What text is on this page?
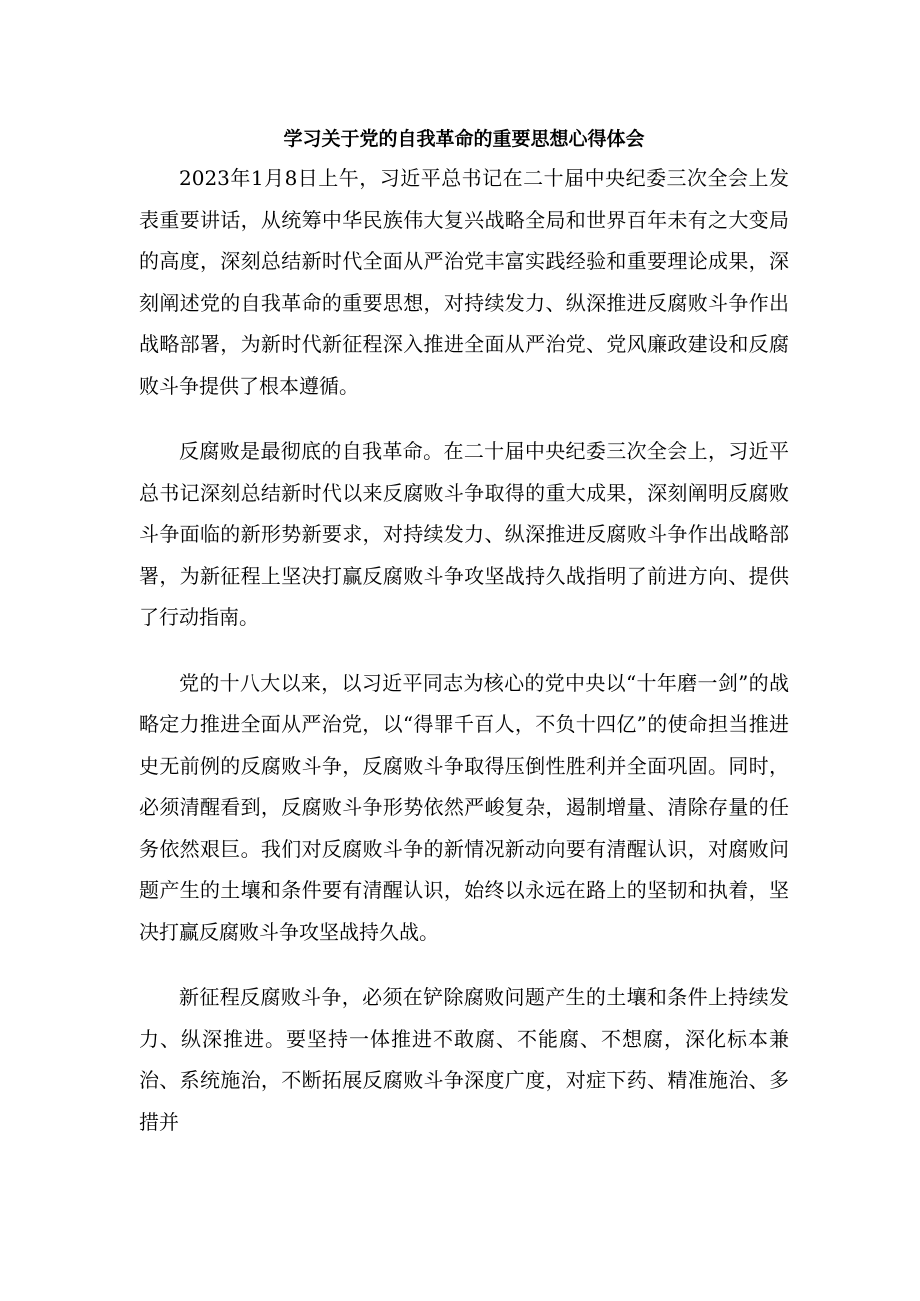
学习关于党的自我革命的重要思想心得体会

2023年1月8日上午，习近平总书记在二十届中央纪委三次全会上发表重要讲话，从统筹中华民族伟大复兴战略全局和世界百年未有之大变局的高度，深刻总结新时代全面从严治党丰富实践经验和重要理论成果，深刻阐述党的自我革命的重要思想，对持续发力、纵深推进反腐败斗争作出战略部署，为新时代新征程深入推进全面从严治党、党风廉政建设和反腐败斗争提供了根本遵循。

反腐败是最彻底的自我革命。在二十届中央纪委三次全会上，习近平总书记深刻总结新时代以来反腐败斗争取得的重大成果，深刻阐明反腐败斗争面临的新形势新要求，对持续发力、纵深推进反腐败斗争作出战略部署，为新征程上坚决打赢反腐败斗争攻坚战持久战指明了前进方向、提供了行动指南。

党的十八大以来，以习近平同志为核心的党中央以“十年磨一剑”的战略定力推进全面从严治党，以“得罪千百人，不负十四亿”的使命担当推进史无前例的反腐败斗争，反腐败斗争取得压倒性胜利并全面巩固。同时，必须清醒看到，反腐败斗争形势依然严峻复杂，遏制增量、清除存量的任务依然艰巨。我们对反腐败斗争的新情况新动向要有清醒认识，对腐败问题产生的土壤和条件要有清醒认识，始终以永远在路上的坚韧和执着，坚决打赢反腐败斗争攻坚战持久战。

新征程反腐败斗争，必须在铲除腐败问题产生的土壤和条件上持续发力、纵深推进。要坚持一体推进不敢腐、不能腐、不想腐，深化标本兼治、系统施治，不断拓展反腐败斗争深度广度，对症下药、精准施治、多措并
